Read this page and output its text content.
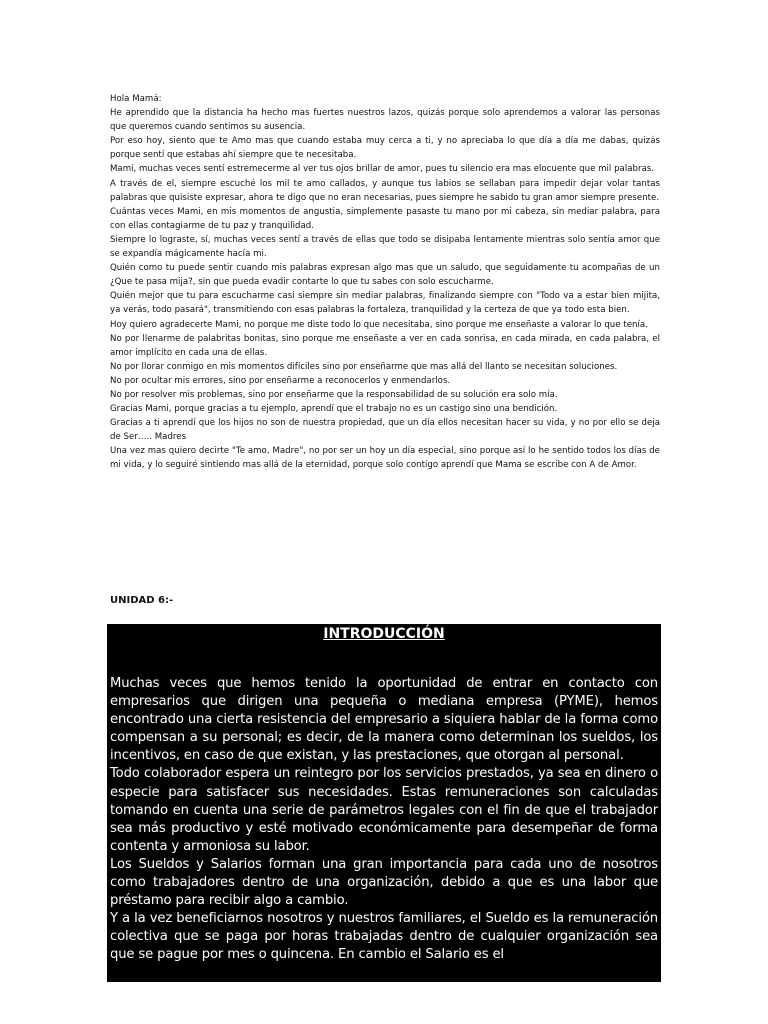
Hola Mamá:

He aprendido que la distancia ha hecho mas fuertes nuestros lazos, quizás porque solo aprendemos a valorar las personas que queremos cuando sentimos su ausencia.

Por eso hoy, siento que te Amo mas que cuando estaba muy cerca a ti, y no apreciaba lo que día a día me dabas, quizás porque sentí que estabas ahí siempre que te necesitaba.

Mami, muchas veces sentí estremecerme al ver tus ojos brillar de amor, pues tu silencio era mas elocuente que mil palabras.

A través de el, siempre escuché los mil te amo callados, y aunque tus labios se sellaban para impedir dejar volar tantas palabras que quisiste expresar, ahora te digo que no eran necesarias, pues siempre he sabido tu gran amor siempre presente.

Cuántas veces Mami, en mis momentos de angustia, simplemente pasaste tu mano por mi cabeza, sin mediar palabra, para con ellas contagiarme de tu paz y tranquilidad.

Siempre lo lograste, sí, muchas veces sentí a través de ellas que todo se disipaba lentamente mientras solo sentía amor que se expandía mágicamente hacía mi.

Quién como tu puede sentir cuando mis palabras expresan algo mas que un saludo, que seguidamente tu acompañas de un ¿Que te pasa mija?, sin que pueda evadir contarte lo que tu sabes con solo escucharme.

Quién mejor que tu para escucharme casi siempre sin mediar palabras, finalizando siempre con "Todo va a estar bien mijita, ya verás, todo pasará", transmitiendo con esas palabras la fortaleza, tranquilidad y la certeza de que ya todo esta bien.

Hoy quiero agradecerte Mami, no porque me diste todo lo que necesitaba, sino porque me enseñaste a valorar lo que tenía.

No por llenarme de palabritas bonitas, sino porque me enseñaste a ver en cada sonrisa, en cada mirada, en cada palabra, el amor implícito en cada una de ellas.

No por llorar conmigo en mis momentos difíciles sino por enseñarme que mas allá del llanto se necesitan soluciones.

No por ocultar mis errores, sino por enseñarme a reconocerlos y enmendarlos.

No por resolver mis problemas, sino por enseñarme que la responsabilidad de su solución era solo mía.

Gracias Mami, porque gracias a tu ejemplo, aprendí que el trabajo no es un castigo sino una bendición.

Gracias a ti aprendí que los hijos no son de nuestra propiedad, que un día ellos necesitan hacer su vida, y no por ello se deja de Ser….. Madres

Una vez mas quiero decirte "Te amo, Madre", no por ser un hoy un día especial, sino porque así lo he sentido todos los días de mi vida, y lo seguiré sintiendo mas allá de la eternidad, porque solo contigo aprendí que Mama se escribe con A de Amor.

UNIDAD 6:-
INTRODUCCIÓN

Muchas veces que hemos tenido la oportunidad de entrar en contacto con empresarios que dirigen una pequeña o mediana empresa (PYME), hemos encontrado una cierta resistencia del empresario a siquiera hablar de la forma como compensan a su personal; es decir, de la manera como determinan los sueldos, los incentivos, en caso de que existan, y las prestaciones, que otorgan al personal.

Todo colaborador espera un reintegro por los servicios prestados, ya sea en dinero o especie para satisfacer sus necesidades. Estas remuneraciones son calculadas tomando en cuenta una serie de parámetros legales con el fin de que el trabajador sea más productivo y esté motivado económicamente para desempeñar de forma contenta y armoniosa su labor.

Los Sueldos y Salarios forman una gran importancia para cada uno de nosotros como trabajadores dentro de una organización, debido a que es una labor que préstamo para recibir algo a cambio.

Y a la vez beneficiarnos nosotros y nuestros familiares, el Sueldo es la remuneración colectiva que se paga por horas trabajadas dentro de cualquier organización sea que se pague por mes o quincena. En cambio el Salario es el
